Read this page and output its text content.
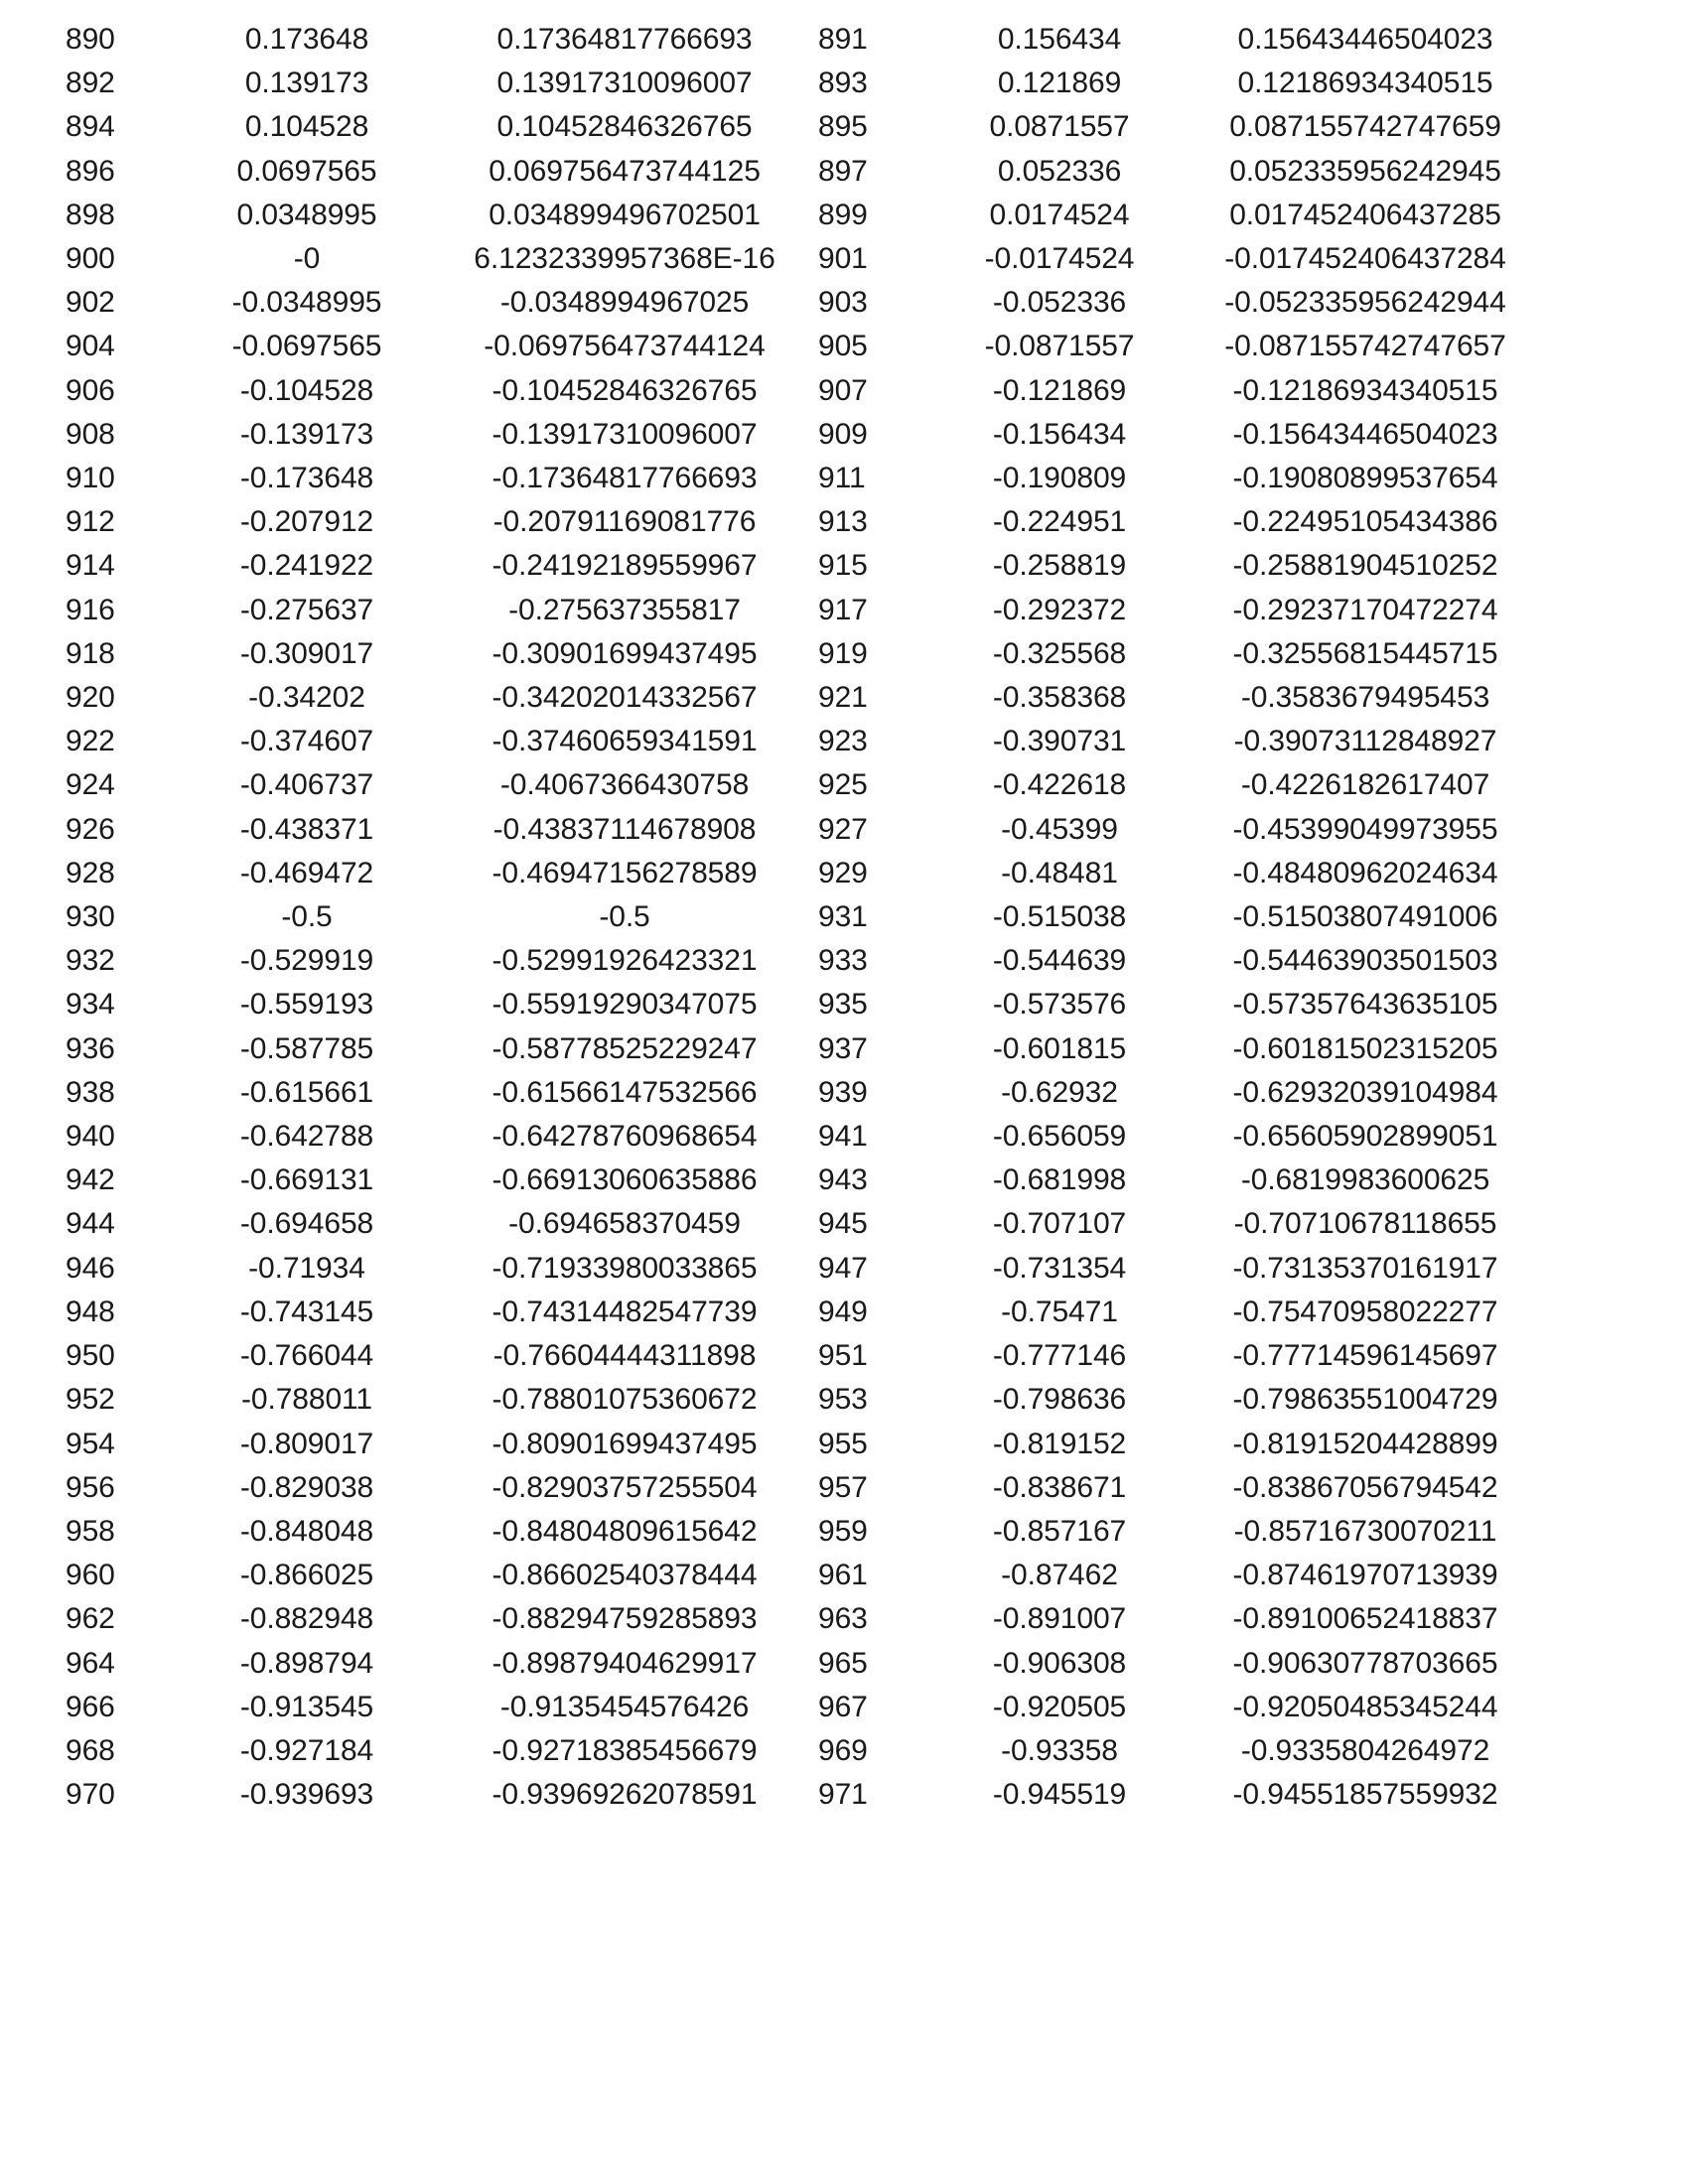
890	0.173648	0.17364817766693	891	0.156434	0.15643446504023
892	0.139173	0.13917310096007	893	0.121869	0.12186934340515
894	0.104528	0.10452846326765	895	0.0871557	0.087155742747659
896	0.0697565	0.069756473744125	897	0.052336	0.052335956242945
898	0.0348995	0.034899496702501	899	0.0174524	0.017452406437285
900	-0	6.1232339957368E-16	901	-0.0174524	-0.017452406437284
902	-0.0348995	-0.0348994967025	903	-0.052336	-0.052335956242944
904	-0.0697565	-0.069756473744124	905	-0.0871557	-0.087155742747657
906	-0.104528	-0.10452846326765	907	-0.121869	-0.12186934340515
908	-0.139173	-0.13917310096007	909	-0.156434	-0.15643446504023
910	-0.173648	-0.17364817766693	911	-0.190809	-0.19080899537654
912	-0.207912	-0.20791169081776	913	-0.224951	-0.22495105434386
914	-0.241922	-0.24192189559967	915	-0.258819	-0.25881904510252
916	-0.275637	-0.275637355817	917	-0.292372	-0.29237170472274
918	-0.309017	-0.30901699437495	919	-0.325568	-0.32556815445715
920	-0.34202	-0.34202014332567	921	-0.358368	-0.3583679495453
922	-0.374607	-0.37460659341591	923	-0.390731	-0.39073112848927
924	-0.406737	-0.4067366430758	925	-0.422618	-0.4226182617407
926	-0.438371	-0.43837114678908	927	-0.45399	-0.45399049973955
928	-0.469472	-0.46947156278589	929	-0.48481	-0.48480962024634
930	-0.5	-0.5	931	-0.515038	-0.51503807491006
932	-0.529919	-0.52991926423321	933	-0.544639	-0.54463903501503
934	-0.559193	-0.55919290347075	935	-0.573576	-0.57357643635105
936	-0.587785	-0.58778525229247	937	-0.601815	-0.60181502315205
938	-0.615661	-0.61566147532566	939	-0.62932	-0.62932039104984
940	-0.642788	-0.64278760968654	941	-0.656059	-0.65605902899051
942	-0.669131	-0.66913060635886	943	-0.681998	-0.6819983600625
944	-0.694658	-0.694658370459	945	-0.707107	-0.70710678118655
946	-0.71934	-0.71933980033865	947	-0.731354	-0.73135370161917
948	-0.743145	-0.74314482547739	949	-0.75471	-0.75470958022277
950	-0.766044	-0.76604444311898	951	-0.777146	-0.77714596145697
952	-0.788011	-0.78801075360672	953	-0.798636	-0.79863551004729
954	-0.809017	-0.80901699437495	955	-0.819152	-0.81915204428899
956	-0.829038	-0.82903757255504	957	-0.838671	-0.83867056794542
958	-0.848048	-0.84804809615642	959	-0.857167	-0.85716730070211
960	-0.866025	-0.86602540378444	961	-0.87462	-0.87461970713939
962	-0.882948	-0.88294759285893	963	-0.891007	-0.89100652418837
964	-0.898794	-0.89879404629917	965	-0.906308	-0.90630778703665
966	-0.913545	-0.9135454576426	967	-0.920505	-0.92050485345244
968	-0.927184	-0.92718385456679	969	-0.93358	-0.9335804264972
970	-0.939693	-0.93969262078591	971	-0.945519	-0.94551857559932
